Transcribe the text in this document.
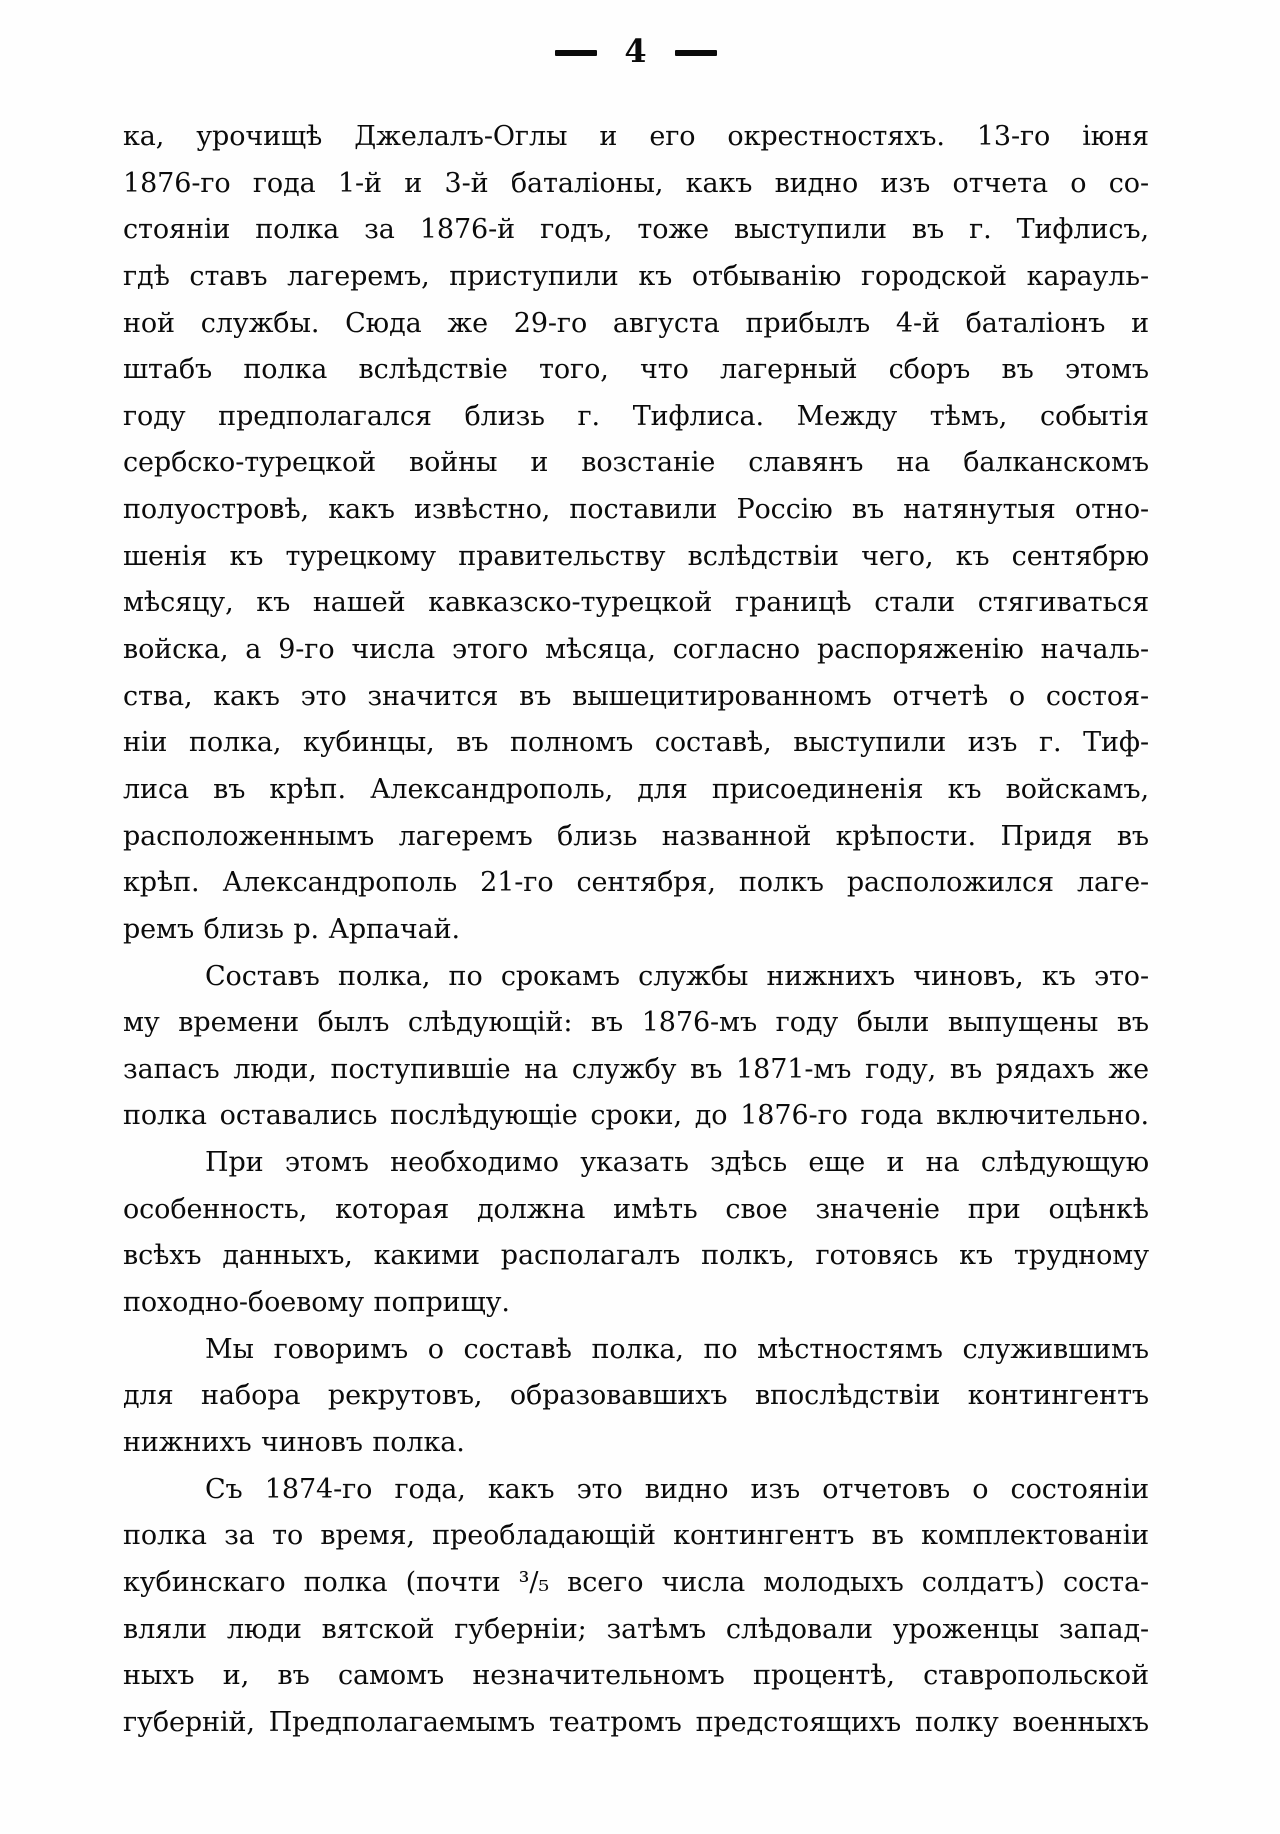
4
ка, урочищѣ Джелалъ-Оглы и его окрестностяхъ. 13-го іюня
1876-го года 1-й и 3-й баталіоны, какъ видно изъ отчета о со-
стояніи полка за 1876-й годъ, тоже выступили въ г. Тифлисъ,
гдѣ ставъ лагеремъ, приступили къ отбыванію городской карауль-
ной службы. Сюда же 29-го августа прибылъ 4-й баталіонъ и
штабъ полка вслѣдствіе того, что лагерный сборъ въ этомъ
году предполагался близь г. Тифлиса. Между тѣмъ, событія
сербско-турецкой войны и возстаніе славянъ на балканскомъ
полуостровѣ, какъ извѣстно, поставили Россію въ натянутыя отно-
шенія къ турецкому правительству вслѣдствіи чего, къ сентябрю
мѣсяцу, къ нашей кавказско-турецкой границѣ стали стягиваться
войска, а 9-го числа этого мѣсяца, согласно распоряженію началь-
ства, какъ это значится въ вышецитированномъ отчетѣ о состоя-
ніи полка, кубинцы, въ полномъ составѣ, выступили изъ г. Тиф-
лиса въ крѣп. Александрополь, для присоединенія къ войскамъ,
расположеннымъ лагеремъ близь названной крѣпости. Придя въ
крѣп. Александрополь 21-го сентября, полкъ расположился лаге-
ремъ близь р. Арпачай.
Составъ полка, по срокамъ службы нижнихъ чиновъ, къ это-
му времени былъ слѣдующій: въ 1876-мъ году были выпущены въ
запасъ люди, поступившіе на службу въ 1871-мъ году, въ рядахъ же
полка оставались послѣдующіе сроки, до 1876-го года включительно.
При этомъ необходимо указать здѣсь еще и на слѣдующую
особенность, которая должна имѣть свое значеніе при оцѣнкѣ
всѣхъ данныхъ, какими располагалъ полкъ, готовясь къ трудному
походно-боевому поприщу.
Мы говоримъ о составѣ полка, по мѣстностямъ служившимъ
для набора рекрутовъ, образовавшихъ впослѣдствіи контингентъ
нижнихъ чиновъ полка.
Съ 1874-го года, какъ это видно изъ отчетовъ о состояніи
полка за то время, преобладающій контингентъ въ комплектованіи
кубинскаго полка (почти ³/₅ всего числа молодыхъ солдатъ) соста-
вляли люди вятской губерніи; затѣмъ слѣдовали уроженцы запад-
ныхъ и, въ самомъ незначительномъ процентѣ, ставропольской
губерній, Предполагаемымъ театромъ предстоящихъ полку военныхъ
